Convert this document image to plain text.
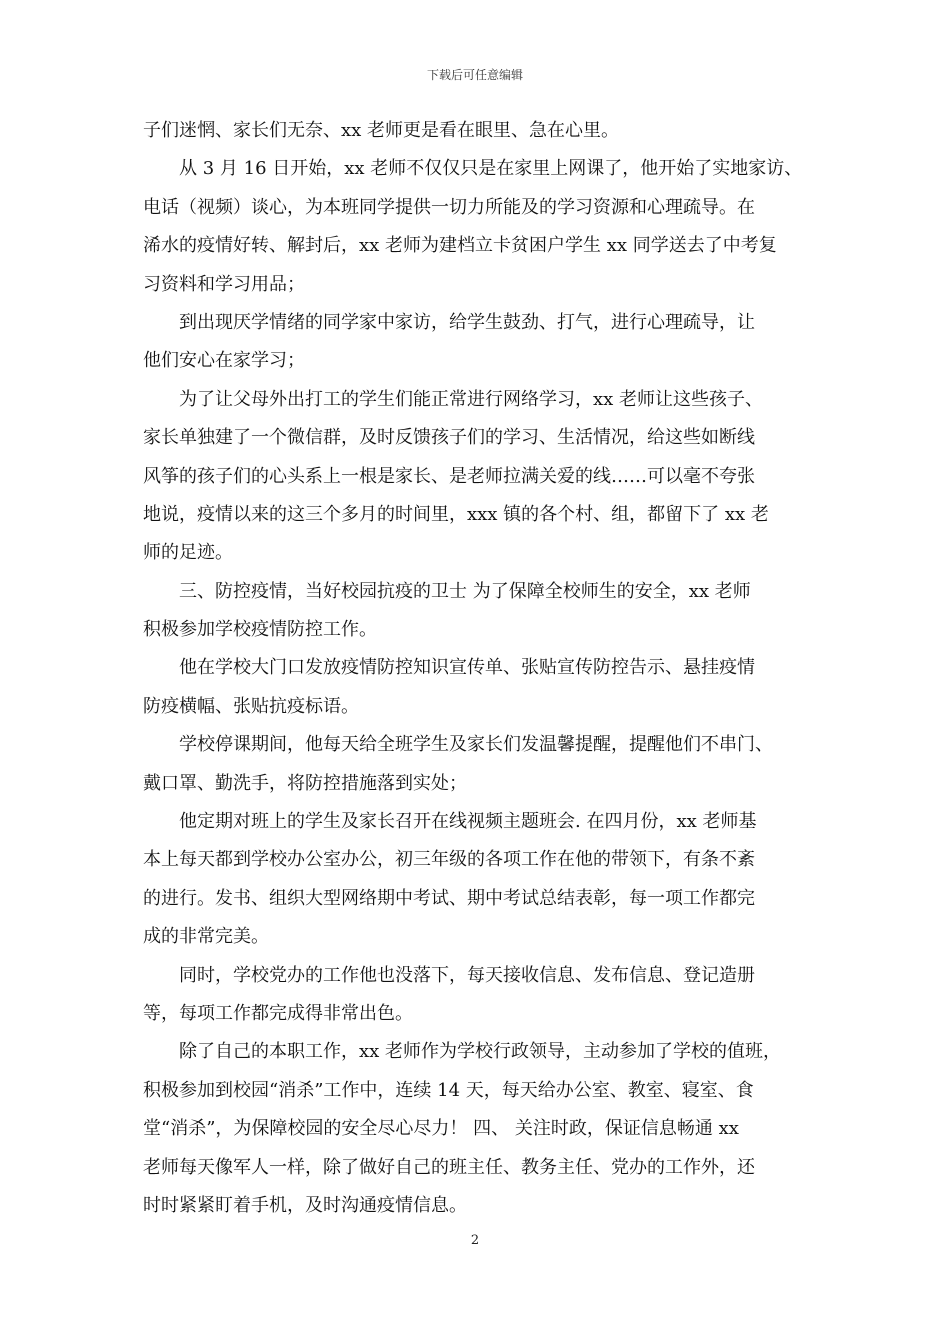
下载后可任意编辑
子们迷惘、家长们无奈、xx 老师更是看在眼里、急在心里。
从 3 月 16 日开始，xx 老师不仅仅只是在家里上网课了，他开始了实地家访、
电话（视频）谈心，为本班同学提供一切力所能及的学习资源和心理疏导。在
浠水的疫情好转、解封后，xx 老师为建档立卡贫困户学生 xx 同学送去了中考复
习资料和学习用品；
到出现厌学情绪的同学家中家访，给学生鼓劲、打气，进行心理疏导，让
他们安心在家学习；
为了让父母外出打工的学生们能正常进行网络学习，xx 老师让这些孩子、
家长单独建了一个微信群，及时反馈孩子们的学习、生活情况，给这些如断线
风筝的孩子们的心头系上一根是家长、是老师拉满关爱的线……可以毫不夸张
地说，疫情以来的这三个多月的时间里，xxx 镇的各个村、组，都留下了 xx 老
师的足迹。
三、防控疫情，当好校园抗疫的卫士 为了保障全校师生的安全，xx 老师
积极参加学校疫情防控工作。
他在学校大门口发放疫情防控知识宣传单、张贴宣传防控告示、悬挂疫情
防疫横幅、张贴抗疫标语。
学校停课期间，他每天给全班学生及家长们发温馨提醒，提醒他们不串门、
戴口罩、勤洗手，将防控措施落到实处；
他定期对班上的学生及家长召开在线视频主题班会. 在四月份，xx 老师基
本上每天都到学校办公室办公，初三年级的各项工作在他的带领下，有条不紊
的进行。发书、组织大型网络期中考试、期中考试总结表彰，每一项工作都完
成的非常完美。
同时，学校党办的工作他也没落下，每天接收信息、发布信息、登记造册
等，每项工作都完成得非常出色。
除了自己的本职工作，xx 老师作为学校行政领导，主动参加了学校的值班，
积极参加到校园“消杀”工作中，连续 14 天，每天给办公室、教室、寝室、食
堂“消杀”，为保障校园的安全尽心尽力！ 四、 关注时政，保证信息畅通 xx
老师每天像军人一样，除了做好自己的班主任、教务主任、党办的工作外，还
时时紧紧盯着手机，及时沟通疫情信息。
2
